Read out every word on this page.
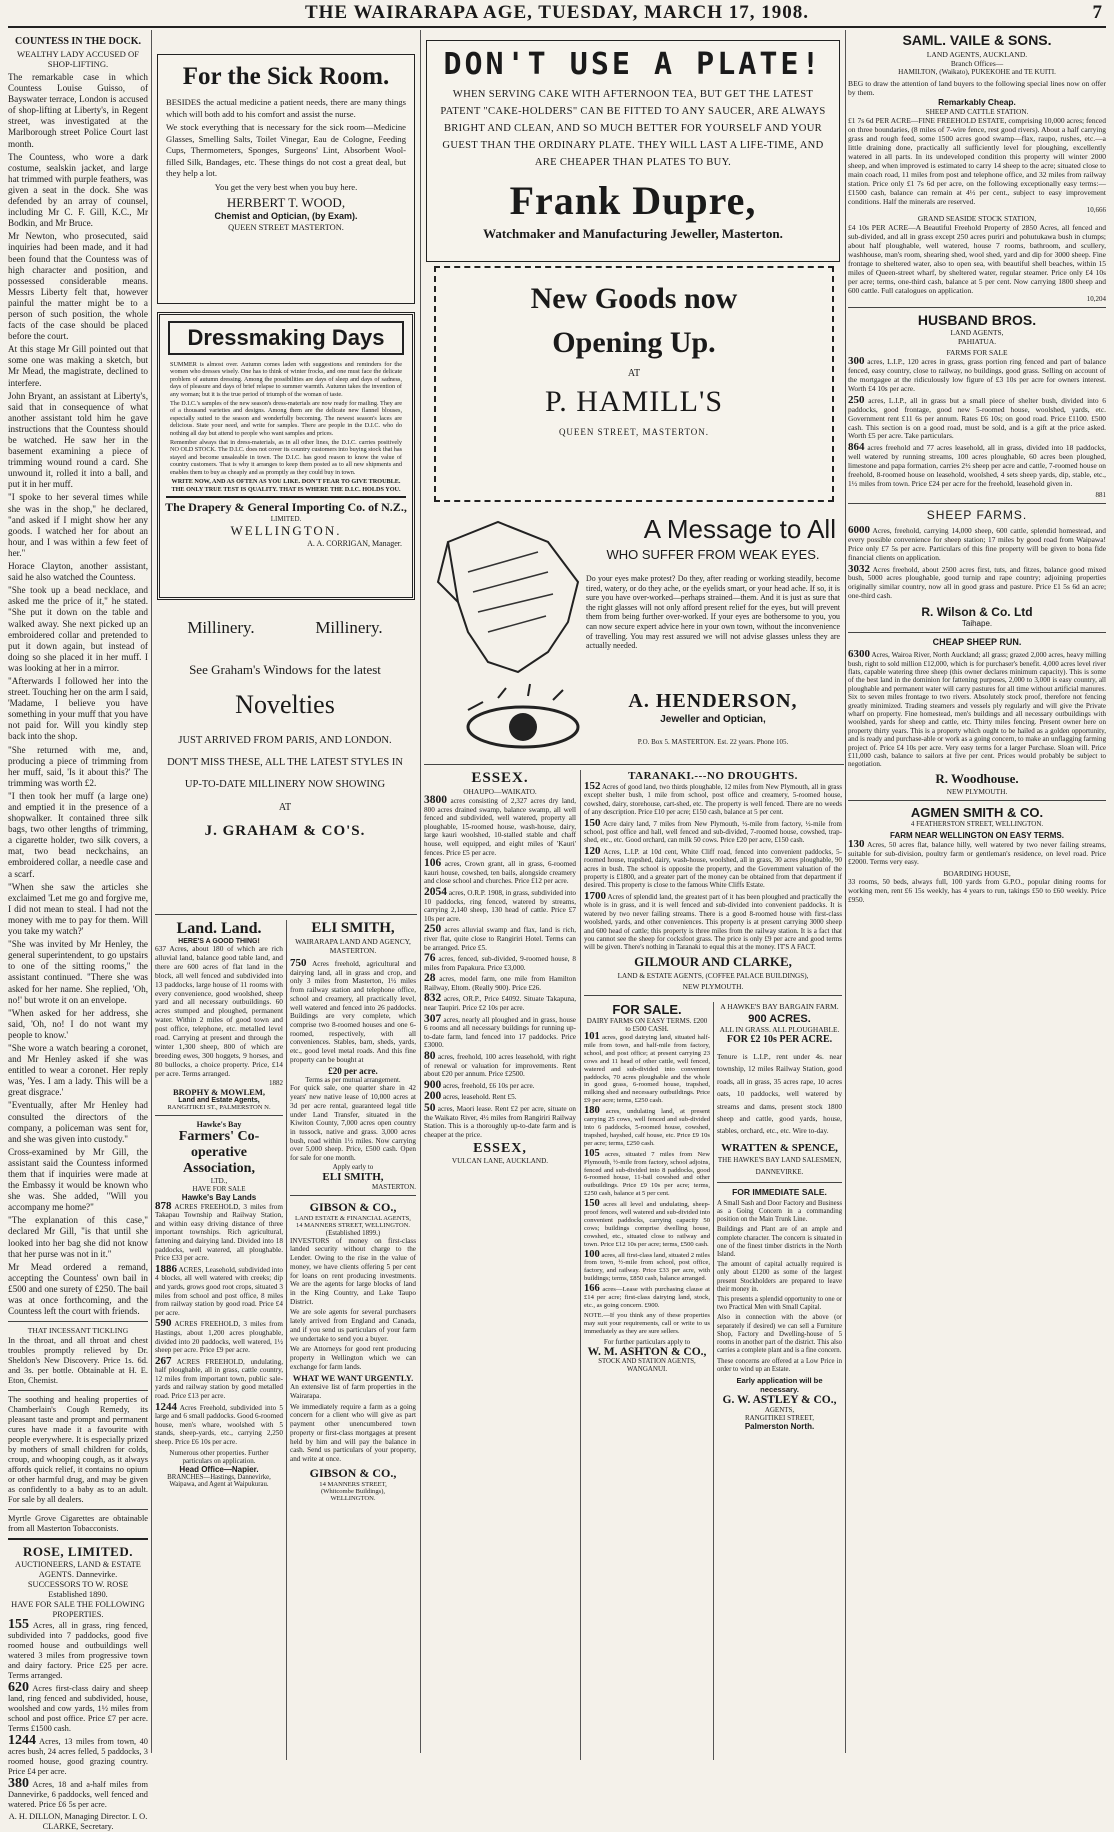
THE WAIRARAPA AGE, TUESDAY, MARCH 17, 1908.	7
COUNTESS IN THE DOCK.
WEALTHY LADY ACCUSED OF SHOP-LIFTING.

The remarkable case in which Countess Louise Guisso, of Bayswater terrace, London is accused of shop-lifting at Liberty's, in Regent street, was investigated at the Marlborough street Police Court last month.

The Countess, who wore a dark costume, sealskin jacket, and large hat trimmed with purple feathers, was given a seat in the dock. She was defended by an array of counsel, including Mr C. F. Gill, K.C., Mr Bodkin, and Mr Bruce.

Mr Newton, who prosecuted, said inquiries had been made, and it had been found that the Countess was of high character and position, and possessed considerable means. Messrs Liberty felt that, however painful the matter might be to a person of such position, the whole facts of the case should be placed before the court.

At this stage Mr Gill pointed out that some one was making a sketch, but Mr Mead, the magistrate, declined to interfere.

John Bryant, an assistant at Liberty's, said that in consequence of what another assistant told him he gave instructions that the Countess should be watched. He saw her in the basement examining a piece of trimming wound round a card. She unwound it, rolled it into a ball, and put it in her muff.

"I spoke to her several times while she was in the shop," he declared, "and asked if I might show her any goods. I watched her for about an hour, and I was within a few feet of her."

Horace Clayton, another assistant, said he also watched the Countess.

"She took up a bead necklace, and asked me the price of it," he stated. "She put it down on the table and walked away. She next picked up an embroidered collar and pretended to put it down again, but instead of doing so she placed it in her muff. I was looking at her in a mirror.

"Afterwards I followed her into the street. Touching her on the arm I said, 'Madame, I believe you have something in your muff that you have not paid for. Will you kindly step back into the shop.

"She returned with me, and, producing a piece of trimming from her muff, said, 'Is it about this?' The trimming was worth £2.

"I then took her muff (a large one) and emptied it in the presence of a shopwalker. It contained three silk bags, two other lengths of trimming, a cigarette holder, two silk covers, a mat, two bead neckchains, an embroidered collar, a needle case and a scarf.

"When she saw the articles she exclaimed 'Let me go and forgive me, I did not mean to steal. I had not the money with me to pay for them. Will you take my watch?'

"She was invited by Mr Henley, the general superintendent, to go upstairs to one of the sitting rooms," the assistant continued. "There she was asked for her name. She replied, 'Oh, no!' but wrote it on an envelope.

"When asked for her address, she said, 'Oh, no! I do not want my people to know.'

"She wore a watch bearing a coronet, and Mr Henley asked if she was entitled to wear a coronet. Her reply was, 'Yes. I am a lady. This will be a great disgrace.'

"Eventually, after Mr Henley had consulted the directors of the company, a policeman was sent for, and she was given into custody."

Cross-examined by Mr Gill, the assistant said the Countess informed them that if inquiries were made at the Embassy it would be known who she was. She added, "Will you accompany me home?"

"The explanation of this case," declared Mr Gill, "is that until she looked into her bag she did not know that her purse was not in it."

Mr Mead ordered a remand, accepting the Countess' own bail in £500 and one surety of £250. The bail was at once forthcoming, and the Countess left the court with friends.

THAT INCESSANT TICKLING
In the throat, and all throat and chest troubles promptly relieved by Dr. Sheldon's New Discovery. Price 1s. 6d. and 3s. per bottle. Obtainable at H. E. Eton, Chemist.
The soothing and healing properties of Chamberlain's Cough Remedy, its pleasant taste and prompt and permanent cures have made it a favourite with people everywhere. It is especially prized by mothers of small children for colds, croup, and whooping cough, as it always affords quick relief, it contains no opium or other harmful drug, and may be given as confidently to a baby as to an adult. For sale by all dealers.
Myrtle Grove Cigarettes are obtainable from all Masterton Tobacconists.
ROSE, LIMITED.
AUCTIONEERS, LAND & ESTATE AGENTS. Dannevirke.
SUCCESSORS TO W. ROSE
Established 1890.
HAVE FOR SALE THE FOLLOWING PROPERTIES.

155 Acres, all in grass, ring fenced, subdivided into 7 paddocks, good five roomed house and outbuildings well watered 3 miles from progressive town and dairy factory. Price £25 per acre. Terms arranged.

620 Acres first-class dairy and sheep land, ring fenced and subdivided, house, woolshed and cow yards, 1½ miles from school and post office. Price £7 per acre. Terms £1500 cash.

1244 Acres, 13 miles from town, 40 acres bush, 24 acres felled, 5 paddocks, 3 roomed house, good grazing country. Price £4 per acre.

380 Acres, 18 and a-half miles from Dannevirke, 6 paddocks, well fenced and watered. Price £6 5s per acre.

A. H. DILLON, Managing Director. I. O. CLARKE, Secretary.
For the Sick Room.

BESIDES the actual medicine a patient needs, there are many things which will both add to his comfort and assist the nurse.

We stock everything that is necessary for the sick room—Medicine Glasses, Smelling Salts, Toilet Vinegar, Eau de Cologne, Feeding Cups, Thermometers, Sponges, Surgeons' Lint, Absorbent Wool-filled Silk, Bandages, etc. These things do not cost a great deal, but they help a lot.

You get the very best when you buy here.

HERBERT T. WOOD,
Chemist and Optician, (by Exam).
QUEEN STREET MASTERTON.
Dressmaking Days

SUMMER is almost over. Autumn comes laden with suggestions and reminders for the women who dresses wisely. One has to think of winter frocks, and one must face the delicate problem of autumn dressing. Among the possibilities are days of sleep and days of sadness, days of pleasure and days of brief relapse to summer warmth. Autumn takes the invention of any woman; but it is the true period of triumph of the woman of taste.

The D.I.C.'s samples of the new season's dress-materials are now ready for mailing. They are of a thousand varieties and designs. Among them are the delicate new flannel blouses, especially suited to the season and wonderfully becoming. The newest season's laces are delicious. State your need, and write for samples. There are people in the D.I.C. who do nothing all day but attend to people who want samples and prices.

Remember always that in dress-materials, as in all other lines, the D.I.C. carries positively NO OLD STOCK. The D.I.C. does not cover its country customers into buying stock that has stayed and become unsaleable in town. The D.I.C. has good reason to know the value of country customers. That is why it arranges to keep them posted as to all new shipments and enables them to buy as cheaply and as promptly as they could buy in town.

WRITE NOW, AND AS OFTEN AS YOU LIKE. DON'T FEAR TO GIVE TROUBLE. THE ONLY TRUE TEST IS QUALITY. THAT IS WHERE THE D.I.C. HOLDS YOU.

The Drapery & General Importing Co. of N.Z.,
LIMITED.
WELLINGTON.
A. A. CORRIGAN, Manager.
Millinery.	Millinery.
See Graham's Windows for the latest
Novelties
JUST ARRIVED FROM PARIS, AND LONDON. DON'T MISS THESE, ALL THE LATEST STYLES IN UP-TO-DATE MILLINERY NOW SHOWING
AT
J. GRAHAM & CO'S.
Land. Land.
HERE'S A GOOD THING!
637 Acres, about 180 of which are rich alluvial land, balance good table land, and there are 600 acres of flat land in the block, all well fenced and subdivided into 13 paddocks, large house of 11 rooms with every convenience, good woolshed, sheep yard and all necessary outbuildings. 60 acres stumped and ploughed, permanent water. Within 2 miles of good town and post office, telephone, etc. metalled level road. Carrying at present and through the winter 1,300 sheep, 800 of which are breeding ewes, 300 hoggets, 9 horses, and 80 bullocks, a choice property. Price, £14 per acre. Terms arranged.
1882
BROPHY & MOWLEM,
Land and Estate Agents,
RANGITIKEI ST., PALMERSTON N.
Hawke's Bay
Farmers' Co-operative Association,
LTD.,
HAVE FOR SALE
Hawke's Bay Lands

878 ACRES FREEHOLD, 3 miles from Takapau Township and Railway Station, and within easy driving distance of three important townships. Rich agricultural, fattening and dairying land. Divided into 18 paddocks, well watered, all ploughable. Price £33 per acre.

1886 ACRES, Leasehold, subdivided into 4 blocks, all well watered with creeks; dip and yards, grows good root crops, situated 3 miles from school and post office, 8 miles from railway station by good road. Price £4 per acre.

590 ACRES FREEHOLD, 3 miles from Hastings, about 1,200 acres ploughable, divided into 20 paddocks, well watered, 1½ sheep per acre. Price £9 per acre.

267 ACRES FREEHOLD, undulating, half ploughable, all in grass, cattle country, 12 miles from important town, public sale-yards and railway station by good metalled road. Price £13 per acre.

1244 Acres Freehold, subdivided into 5 large and 6 small paddocks. Good 6-roomed house, men's whare, woolshed with 5 stands, sheep-yards, etc., carrying 2,250 sheep. Price £6 10s per acre.

Numerous other properties. Further particulars on application.
Head Office—Napier.
BRANCHES—Hastings, Dannevirke, Waipawa, and Agent at Waipukurau.
ELI SMITH,
WAIRARAPA LAND AND AGENCY, MASTERTON.

750 Acres freehold, agricultural and dairying land, all in grass and crop, and only 3 miles from Masterton, 1½ miles from railway station and telephone office, school and creamery, all practically level, well watered and fenced into 26 paddocks. Buildings are very complete, which comprise two 8-roomed houses and one 6-roomed, respectively, with all conveniences. Stables, barn, sheds, yards, etc., good level metal roads. And this fine property can be bought at

£20 per acre.
Terms as per mutual arrangement.
For quick sale, one quarter share in 42 years' new native lease of 10,000 acres at 3d per acre rental, guaranteed legal title under Land Transfer, situated in the Kiwiton County, 7,000 acres open country in tussock, native and grass. 3,000 acres bush, road within 1½ miles. Now carrying over 5,000 sheep. Price, £500 cash. Open for sale for one month.
Apply early to
ELI SMITH,
MASTERTON.
GIBSON & CO.,
LAND ESTATE & FINANCIAL AGENTS,
14 MANNERS STREET, WELLINGTON.
(Established 1899.)

INVESTORS of money on first-class landed security without charge to the Lender. Owing to the rise in the value of money, we have clients offering 5 per cent for loans on rent producing investments. We are the agents for large blocks of land in the King Country, and Lake Taupo District.

We are sole agents for several purchasers lately arrived from England and Canada, and if you send us particulars of your farm we undertake to send you a buyer.

We are Attorneys for good rent producing property in Wellington which we can exchange for farm lands.

WHAT WE WANT URGENTLY.

An extensive list of farm properties in the Wairarapa.

We immediately require a farm as a going concern for a client who will give as part payment other unencumbered town property or first-class mortgages at present held by him and will pay the balance in cash. Send us particulars of your property, and write at once.

GIBSON & CO.,
14 MANNERS STREET,
(Whitcombe Buildings),
WELLINGTON.
DON'T USE A PLATE!
WHEN SERVING CAKE WITH AFTERNOON TEA, BUT GET THE LATEST PATENT "CAKE-HOLDERS" CAN BE FITTED TO ANY SAUCER, ARE ALWAYS BRIGHT AND CLEAN, AND SO MUCH BETTER FOR YOURSELF AND YOUR GUEST THAN THE ORDINARY PLATE. THEY WILL LAST A LIFE-TIME, AND ARE CHEAPER THAN PLATES TO BUY.
Frank Dupre,
Watchmaker and Manufacturing Jeweller, Masterton.
New Goods now
Opening Up.
AT
P. HAMILL'S
QUEEN STREET, MASTERTON.
A Message to All
WHO SUFFER FROM WEAK EYES.
Do your eyes make protest? Do they, after reading or working steadily, become tired, watery, or do they ache, or the eyelids smart, or your head ache. If so, it is sure you have over-worked—perhaps strained—them. And it is just as sure that the right glasses will not only afford present relief for the eyes, but will prevent them from being further over-worked. If your eyes are bothersome to you, you can now secure expert advice here in your own town, without the inconvenience of travelling. You may rest assured we will not advise glasses unless they are actually needed.
A. HENDERSON,
Jeweller and Optician,
P.O. Box 5. MASTERTON. Est. 22 years. Phone 105.
ESSEX.
OHAUPO—WAIKATO.

3800 acres consisting of 2,327 acres dry land, 800 acres drained swamp, balance swamp, all well fenced and subdivided, well watered, property all ploughable, 15-roomed house, wash-house, dairy, large kauri woolshed, 10-stalled stable and chaff house, well equipped, and eight miles of 'Kauri' fences. Price £5 per acre.

106 acres, Crown grant, all in grass, 6-roomed kauri house, cowshed, ten bails, alongside creamery and close school and churches. Price £12 per acre.

2054 acres, O.R.P. 1908, in grass, subdivided into 10 paddocks, ring fenced, watered by streams, carrying 2,140 sheep, 130 head of cattle. Price £7 10s per acre.

250 acres alluvial swamp and flax, land is rich, river flat, quite close to Rangiriri Hotel. Terms can be arranged. Price £5.

76 acres, fenced, sub-divided, 9-roomed house, 8 miles from Papakura. Price £3,000.

28 acres, model farm, one mile from Hamilton Railway, Eltom. (Really 900). Price £26.

832 acres, OR.P., Price £4092. Situate Takapuna, near Taupiri. Price £2 10s per acre.

307 acres, nearly all ploughed and in grass, house 6 rooms and all necessary buildings for running up-to-date farm, land fenced into 17 paddocks. Price £3000.

80 acres, freehold, 100 acres leasehold, with right of renewal or valuation for improvements. Rent about £20 per annum. Price £2500.

900 acres, freehold, £6 10s per acre.

200 acres, leasehold. Rent £5.

50 acres, Maori lease. Rent £2 per acre, situate on the Waikato River, 4½ miles from Rangiriri Railway Station. This is a thoroughly up-to-date farm and is cheaper at the price.

ESSEX,
VULCAN LANE, AUCKLAND.
TARANAKI.---NO DROUGHTS.

152 Acres of good land, two thirds ploughable, 12 miles from New Plymouth, all in grass except shelter bush, 1 mile from school, post office and creamery, 5-roomed house, cowshed, dairy, storehouse, cart-shed, etc. The property is well fenced. There are no weeds of any description. Price £10 per acre; £150 cash, balance at 5 per cent.

150 Acre dairy land, 7 miles from New Plymouth, ½-mile from factory, ½-mile from school, post office and hall, well fenced and sub-divided, 7-roomed house, cowshed, trap-shed, etc., etc. Good orchard, can milk 50 cows. Price £20 per acre, £150 cash.

120 Acres, L.I.P. at 10d cent, White Cliff road, fenced into convenient paddocks, 5-roomed house, trapshed, dairy, wash-house, woolshed, all in grass, 30 acres ploughable, 90 acres in bush. The school is opposite the property, and the Government valuation of the property is £1800, and a greater part of the money can be obtained from that department if desired. This property is close to the famous White Cliffs Estate.

1700 Acres of splendid land, the greatest part of it has been ploughed and practically the whole is in grass, and it is well fenced and sub-divided into convenient paddocks. It is watered by two never failing streams. There is a good 8-roomed house with first-class woolshed, yards, and other conveniences. This property is at present carrying 3000 sheep and 600 head of cattle; this property is three miles from the railway station. It is a fact that you cannot see the sheep for cocksfoot grass. The price is only £9 per acre and good terms will be given. There's nothing in Taranaki to equal this at the money. IT'S A FACT.

GILMOUR AND CLARKE,
LAND & ESTATE AGENTS, (COFFEE PALACE BUILDINGS),
NEW PLYMOUTH.
FOR SALE.
DAIRY FARMS ON EASY TERMS. £200 to £500 CASH.

101 acres, good dairying land, situated half-mile from town, and half-mile from factory, school, and post office; at present carrying 23 cows and 11 head of other cattle, well fenced, watered and sub-divided into convenient paddocks, 70 acres ploughable and the whole in good grass, 6-roomed house, trapshed, milking shed and necessary outbuildings. Price £9 per acre; terms, £250 cash.

180 acres, undulating land, at present carrying 25 cows, well fenced and sub-divided into 6 paddocks, 5-roomed house, cowshed, trapshed, hayshed, calf house, etc. Price £9 10s per acre; terms, £250 cash.

105 acres, situated 7 miles from New Plymouth, ½-mile from factory, school adjoins, fenced and sub-divided into 8 paddocks, good 6-roomed house, 11-bail cowshed and other outbuildings. Price £9 10s per acre; terms, £250 cash, balance at 5 per cent.

150 acres all level and undulating, sheep-proof fences, well watered and sub-divided into convenient paddocks, carrying capacity 50 cows; buildings comprise dwelling house, cowshed, etc., situated close to railway and town. Price £12 10s per acre; terms, £500 cash.

100 acres, all first-class land, situated 2 miles from town, ½-mile from school, post office, factory, and railway. Price £33 per acre, with buildings; terms, £850 cash, balance arranged.

166 acres—Lease with purchasing clause at £14 per acre; first-class dairying land, stock, etc., as going concern. £900.

NOTE.—If you think any of these properties may suit your requirements, call or write to us immediately as they are sure sellers.

For further particulars apply to
W. M. ASHTON & CO.,
STOCK AND STATION AGENTS,
WANGANUI.
A HAWKE'S BAY BARGAIN FARM.
900 ACRES.
ALL IN GRASS. ALL PLOUGHABLE.
FOR £2 10s PER ACRE.
Tenure is L.I.P., rent under 4s. near township, 12 miles Railway Station, good roads, all in grass, 35 acres rape, 10 acres oats, 10 paddocks, well watered by streams and dams, present stock 1800 sheep and cattle, good yards, house, stables, orchard, etc., etc. Wire to-day.
WRATTEN & SPENCE,
THE HAWKE'S BAY LAND SALESMEN, DANNEVIRKE.
FOR IMMEDIATE SALE.

A Small Sash and Door Factory and Business as a Going Concern in a commanding position on the Main Trunk Line.

Buildings and Plant are of an ample and complete character. The concern is situated in one of the finest timber districts in the North Island.

The amount of capital actually required is only about £1200 as some of the largest present Stockholders are prepared to leave their money in.

This presents a splendid opportunity to one or two Practical Men with Small Capital.

Also in connection with the above (or separately if desired) we can sell a Furniture Shop, Factory and Dwelling-house of 5 rooms in another part of the district. This also carries a complete plant and is a fine concern.

These concerns are offered at a Low Price in order to wind up an Estate.

Early application will be necessary.
G. W. ASTLEY & CO.,
AGENTS,
RANGITIKEI STREET,
Palmerston North.
SAML. VAILE & SONS.
LAND AGENTS, AUCKLAND.
Branch Offices—
HAMILTON, (Waikato), PUKEKOHE and TE KUITI.
BEG to draw the attention of land buyers to the following special lines now on offer by them.
Remarkably Cheap.
SHEEP AND CATTLE STATION.
£1 7s 6d PER ACRE—FINE FREEHOLD ESTATE, comprising 10,000 acres; fenced on three boundaries, (8 miles of 7-wire fence, rest good rivers). About a half carrying grass and rough feed, some 1500 acres good swamp—flax, raupo, rushes, etc.—a little draining done, practically all sufficiently level for ploughing, excellently watered in all parts. In its undeveloped condition this property will winter 2000 sheep, and when improved is estimated to carry 14 sheep to the acre; situated close to main coach road, 11 miles from post and telephone office, and 32 miles from railway station. Price only £1 7s 6d per acre, on the following exceptionally easy terms:—£1500 cash, balance can remain at 4½ per cent., subject to easy improvement conditions. Half the minerals are reserved.
10,666
GRAND SEASIDE STOCK STATION,
£4 10s PER ACRE—A Beautiful Freehold Property of 2850 Acres, all fenced and sub-divided, and all in grass except 250 acres puriri and pohutukawa bush in clumps; about half ploughable, well watered, house 7 rooms, bathroom, and scullery, washhouse, man's room, shearing shed, wool shed, yard and dip for 3000 sheep. Fine frontage to sheltered water, also to open sea, with beautiful shell beaches, within 15 miles of Queen-street wharf, by sheltered water, regular steamer. Price only £4 10s per acre; terms, one-third cash, balance at 5 per cent. Now carrying 1800 sheep and 600 cattle. Full catalogues on application.
10,204
HUSBAND BROS.
LAND AGENTS,
PAHIATUA.
FARMS FOR SALE

300 acres, L.I.P., 120 acres in grass, grass portion ring fenced and part of balance fenced, easy country, close to railway, no buildings, good grass. Selling on account of the mortgagee at the ridiculously low figure of £3 10s per acre for owners interest. Worth £4 10s per acre.

250 acres, L.I.P., all in grass but a small piece of shelter bush, divided into 6 paddocks, good frontage, good new 5-roomed house, woolshed, yards, etc. Government rent £11 6s per annum. Rates £6 10s; on good road. Price £1100. £500 cash. This section is on a good road, must be sold, and is a gift at the price asked. Worth £5 per acre. Take particulars.

864 acres freehold and 77 acres leasehold, all in grass, divided into 18 paddocks, well watered by running streams, 100 acres ploughable, 60 acres been ploughed, limestone and papa formation, carries 2½ sheep per acre and cattle, 7-roomed house on freehold, 8-roomed house on leasehold, woolshed, 4 sets sheep yards, dip, stable, etc., 1½ miles from town. Price £24 per acre for the freehold, leasehold given in.

881
SHEEP FARMS.

6000 Acres, freehold, carrying 14,000 sheep, 600 cattle, splendid homestead, and every possible convenience for sheep station; 17 miles by good road from Waipawa! Price only £7 5s per acre. Particulars of this fine property will be given to bona fide financial clients on application.

3032 Acres freehold, about 2500 acres first, tuts, and fitzes, balance good mixed bush, 5000 acres ploughable, good turnip and rape country; adjoining properties originally similar country, now all in good grass and pasture. Price £1 5s 6d an acre; one-third cash.

R. Wilson & Co. Ltd
Taihape.
CHEAP SHEEP RUN.

6300 Acres, Wairoa River, North Auckland; all grass; grazed 2,000 acres, heavy milling bush, right to sold million £12,000, which is for purchaser's benefit. 4,000 acres level river flats, capable watering three sheep (this owner declares minimum capacity). This is some of the best land in the dominion for fattening purposes, 2,000 to 3,000 is easy country, all ploughable and permanent water will carry pastures for all time without artificial manures. Six to seven miles frontage to two rivers. Absolutely stock proof, therefore not fencing greatly minimized. Trading steamers and vessels ply regularly and will give the Private wharf on property. Fine homestead, men's buildings and all necessary outbuildings with woolshed, yards for sheep and cattle, etc. Thirty miles fencing. Present owner here on property thirty years. This is a property which ought to be hailed as a golden opportunity, and is ready and purchase-able or work as a going concern, to make an unflagging farming project of. Price £4 10s per acre. Very easy terms for a larger Purchase. Sloan will. Price £11,000 cash, balance to sailors at five per cent. Prices would probably be subject to negotiation.

R. Woodhouse.
NEW PLYMOUTH.
AGMEN SMITH & CO.
4 FEATHERSTON STREET, WELLINGTON.
FARM NEAR WELLINGTON ON EASY TERMS.

130 Acres, 50 acres flat, balance hilly, well watered by two never failing streams, suitable for sub-division, poultry farm or gentleman's residence, on level road. Price £2000. Terms very easy.

BOARDING HOUSE,
33 rooms, 50 beds, always full, 100 yards from G.P.O., popular dining rooms for working men, rent £6 15s weekly, has 4 years to run, takings £50 to £60 weekly. Price £950.
